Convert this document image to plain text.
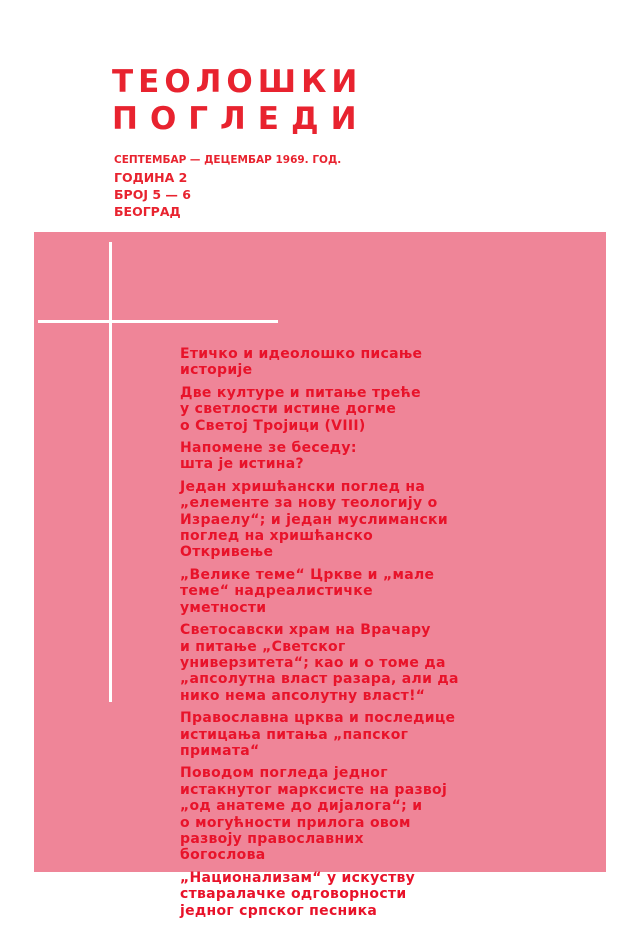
ТЕОЛОШКИ
ПОГЛЕДИ
СЕПТЕМБАР — ДЕЦЕМБАР 1969. ГОД.
ГОДИНА 2
БРОЈ 5 — 6
БЕОГРАД
Етичко и идеолошко писање
историје
Две културе и питање треће
у светлости истине догме
о Светој Тројици (VIII)
Напомене зе беседу:
шта је истина?
Један хришћански поглед на
„елементе за нову теологију о
Израелу“; и један муслимански
поглед на хришћанско
Откривење
„Велике теме“ Цркве и „мале
теме“ надреалистичке
уметности
Светосавски храм на Врачару
и питање „Светског
универзитета“; као и о томе да
„апсолутна власт разара, али да
нико нема апсолутну власт!“
Православна црква и последице
истицања питања „папског
примата“
Поводом погледа једног
истакнутог марксисте на развој
„од анатеме до дијалога“; и
о могућности прилога овом
развоју православних
богослова
„Национализам“ у искуству
стваралачке одговорности
једног српског песника
